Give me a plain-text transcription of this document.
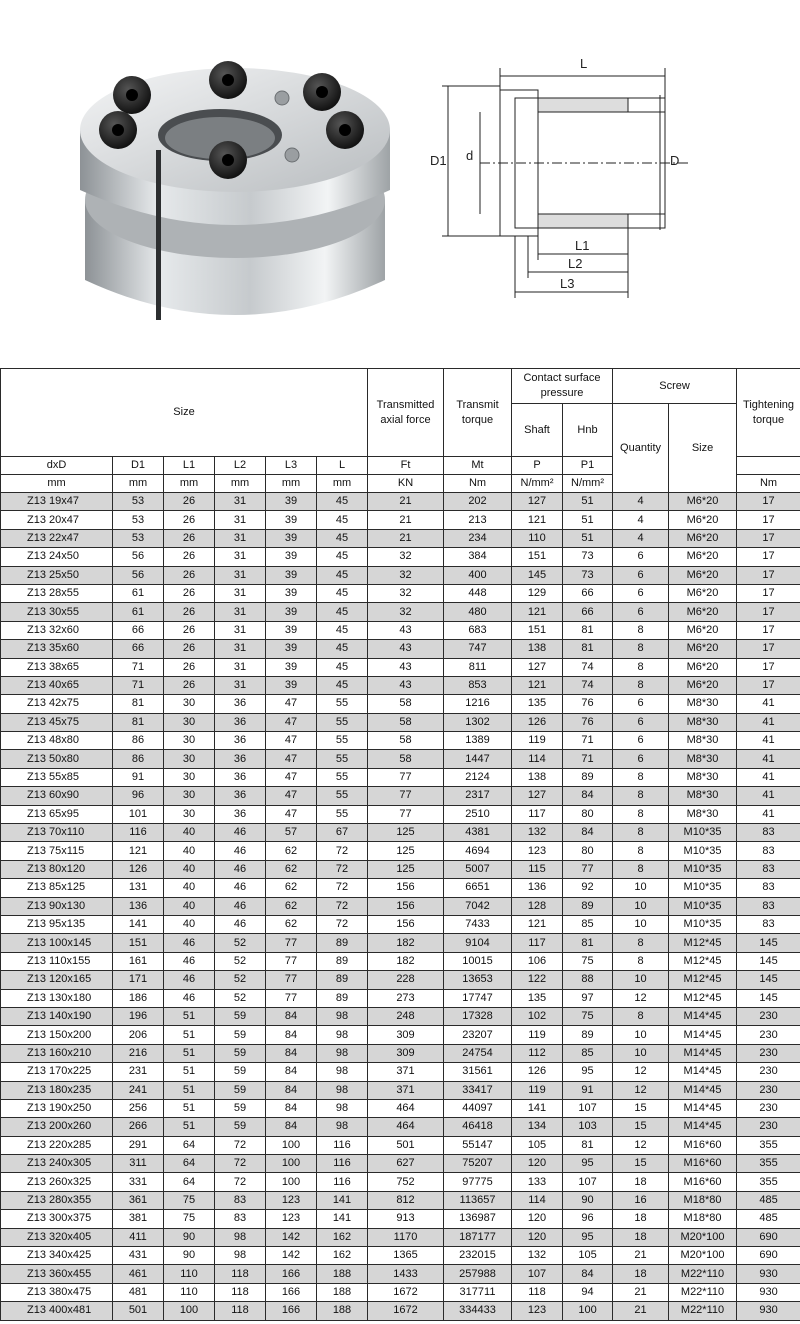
L
D1 d	D
L1
L2
L3
Size						Transmitted axial force	Transmit torque	Contact surface pressure		Screw		Tightening torque
								Shaft	Hnb	Quantity	Size	
dxD	D1	L1	L2	L3	L	Ft	Mt	P	P1			
mm	mm	mm	mm	mm	mm	KN	Nm	N/mm²	N/mm²			Nm
Z13 19x47	53	26	31	39	45	21	202	127	51	4	M6*20	17
Z13 20x47	53	26	31	39	45	21	213	121	51	4	M6*20	17
Z13 22x47	53	26	31	39	45	21	234	110	51	4	M6*20	17
Z13 24x50	56	26	31	39	45	32	384	151	73	6	M6*20	17
Z13 25x50	56	26	31	39	45	32	400	145	73	6	M6*20	17
Z13 28x55	61	26	31	39	45	32	448	129	66	6	M6*20	17
Z13 30x55	61	26	31	39	45	32	480	121	66	6	M6*20	17
Z13 32x60	66	26	31	39	45	43	683	151	81	8	M6*20	17
Z13 35x60	66	26	31	39	45	43	747	138	81	8	M6*20	17
Z13 38x65	71	26	31	39	45	43	811	127	74	8	M6*20	17
Z13 40x65	71	26	31	39	45	43	853	121	74	8	M6*20	17
Z13 42x75	81	30	36	47	55	58	1216	135	76	6	M8*30	41
Z13 45x75	81	30	36	47	55	58	1302	126	76	6	M8*30	41
Z13 48x80	86	30	36	47	55	58	1389	119	71	6	M8*30	41
Z13 50x80	86	30	36	47	55	58	1447	114	71	6	M8*30	41
Z13 55x85	91	30	36	47	55	77	2124	138	89	8	M8*30	41
Z13 60x90	96	30	36	47	55	77	2317	127	84	8	M8*30	41
Z13 65x95	101	30	36	47	55	77	2510	117	80	8	M8*30	41
Z13 70x110	116	40	46	57	67	125	4381	132	84	8	M10*35	83
Z13 75x115	121	40	46	62	72	125	4694	123	80	8	M10*35	83
Z13 80x120	126	40	46	62	72	125	5007	115	77	8	M10*35	83
Z13 85x125	131	40	46	62	72	156	6651	136	92	10	M10*35	83
Z13 90x130	136	40	46	62	72	156	7042	128	89	10	M10*35	83
Z13 95x135	141	40	46	62	72	156	7433	121	85	10	M10*35	83
Z13 100x145	151	46	52	77	89	182	9104	117	81	8	M12*45	145
Z13 110x155	161	46	52	77	89	182	10015	106	75	8	M12*45	145
Z13 120x165	171	46	52	77	89	228	13653	122	88	10	M12*45	145
Z13 130x180	186	46	52	77	89	273	17747	135	97	12	M12*45	145
Z13 140x190	196	51	59	84	98	248	17328	102	75	8	M14*45	230
Z13 150x200	206	51	59	84	98	309	23207	119	89	10	M14*45	230
Z13 160x210	216	51	59	84	98	309	24754	112	85	10	M14*45	230
Z13 170x225	231	51	59	84	98	371	31561	126	95	12	M14*45	230
Z13 180x235	241	51	59	84	98	371	33417	119	91	12	M14*45	230
Z13 190x250	256	51	59	84	98	464	44097	141	107	15	M14*45	230
Z13 200x260	266	51	59	84	98	464	46418	134	103	15	M14*45	230
Z13 220x285	291	64	72	100	116	501	55147	105	81	12	M16*60	355
Z13 240x305	311	64	72	100	116	627	75207	120	95	15	M16*60	355
Z13 260x325	331	64	72	100	116	752	97775	133	107	18	M16*60	355
Z13 280x355	361	75	83	123	141	812	113657	114	90	16	M18*80	485
Z13 300x375	381	75	83	123	141	913	136987	120	96	18	M18*80	485
Z13 320x405	411	90	98	142	162	1170	187177	120	95	18	M20*100	690
Z13 340x425	431	90	98	142	162	1365	232015	132	105	21	M20*100	690
Z13 360x455	461	110	118	166	188	1433	257988	107	84	18	M22*110	930
Z13 380x475	481	110	118	166	188	1672	317711	118	94	21	M22*110	930
Z13 400x481	501	100	118	166	188	1672	334433	123	100	21	M22*110	930
